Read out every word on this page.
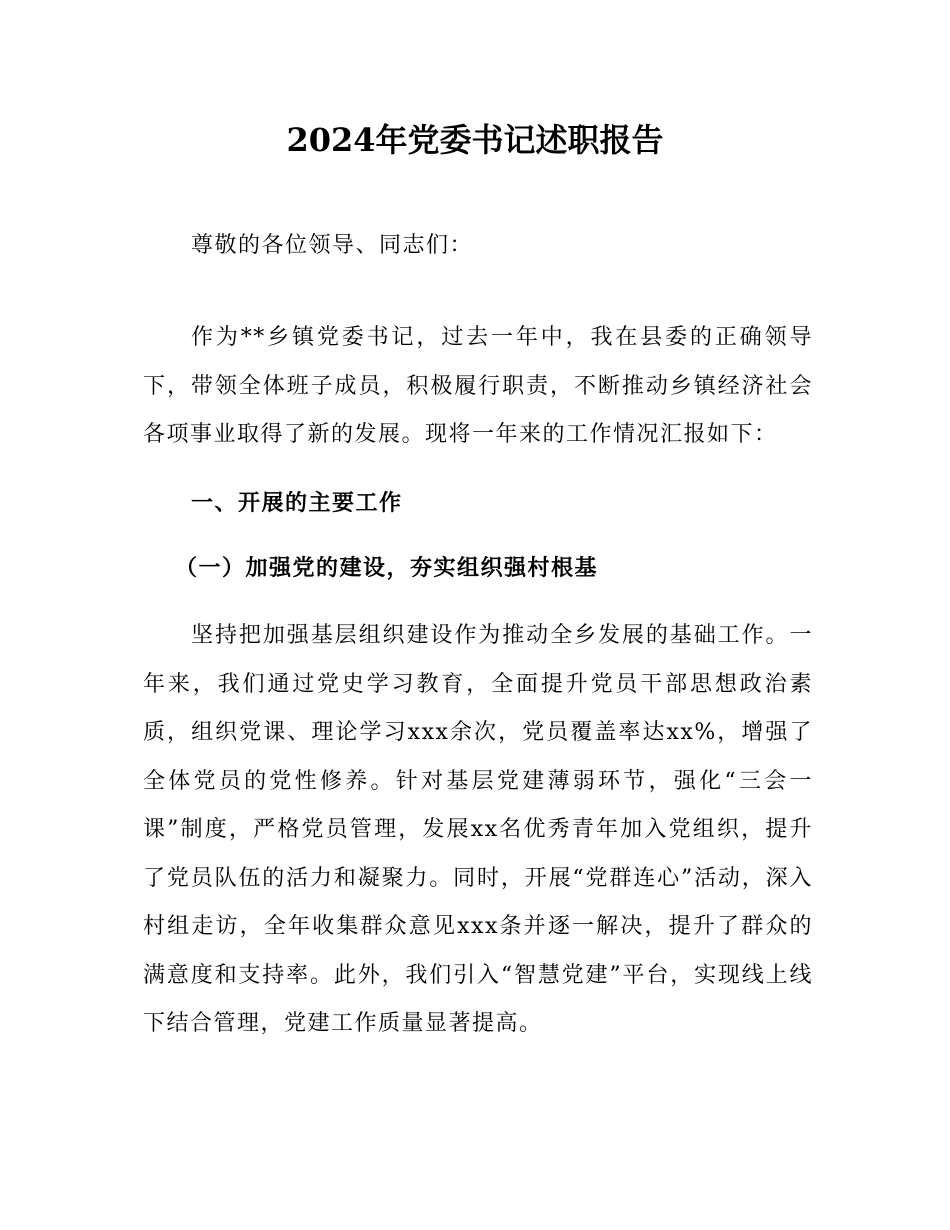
2024年党委书记述职报告
尊敬的各位领导、同志们：
作为**乡镇党委书记，过去一年中，我在县委的正确领导下，带领全体班子成员，积极履行职责，不断推动乡镇经济社会各项事业取得了新的发展。现将一年来的工作情况汇报如下：
一、开展的主要工作
（一）加强党的建设，夯实组织强村根基
坚持把加强基层组织建设作为推动全乡发展的基础工作。一年来，我们通过党史学习教育，全面提升党员干部思想政治素质，组织党课、理论学习xxx余次，党员覆盖率达xx%，增强了全体党员的党性修养。针对基层党建薄弱环节，强化“三会一课”制度，严格党员管理，发展xx名优秀青年加入党组织，提升了党员队伍的活力和凝聚力。同时，开展“党群连心”活动，深入村组走访，全年收集群众意见xxx条并逐一解决，提升了群众的满意度和支持率。此外，我们引入“智慧党建”平台，实现线上线下结合管理，党建工作质量显著提高。
